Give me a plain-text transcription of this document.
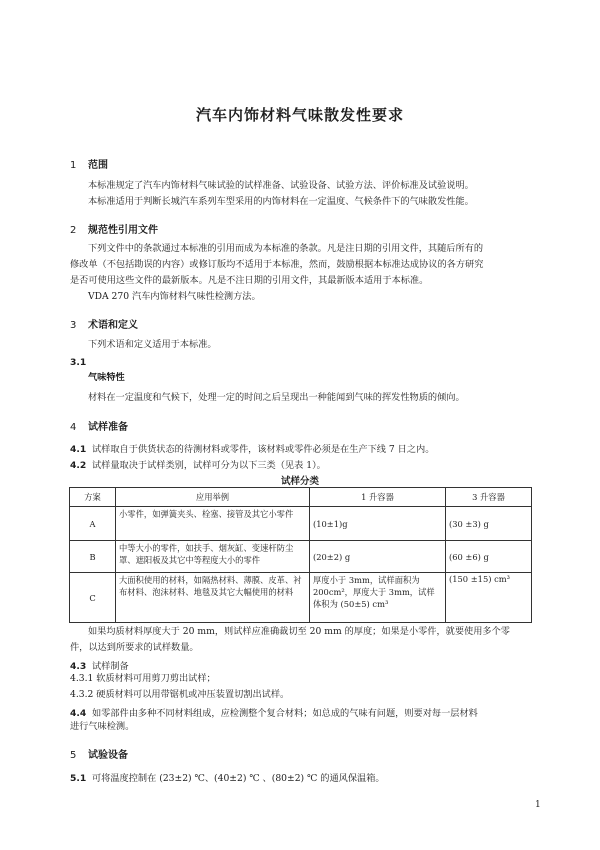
汽车内饰材料气味散发性要求
1 范围
本标准规定了汽车内饰材料气味试验的试样准备、试验设备、试验方法、评价标准及试验说明。
本标准适用于判断长城汽车系列车型采用的内饰材料在一定温度、气候条件下的气味散发性能。
2 规范性引用文件
下列文件中的条款通过本标准的引用而成为本标准的条款。凡是注日期的引用文件，其随后所有的
修改单（不包括勘误的内容）或修订版均不适用于本标准，然而，鼓励根据本标准达成协议的各方研究
是否可使用这些文件的最新版本。凡是不注日期的引用文件，其最新版本适用于本标准。
VDA 270 汽车内饰材料气味性检测方法。
3 术语和定义
下列术语和定义适用于本标准。
3.1
气味特性
材料在一定温度和气候下，处理一定的时间之后呈现出一种能闻到气味的挥发性物质的倾向。
4 试样准备
4.1 试样取自于供货状态的待测材料或零件，该材料或零件必须是在生产下线 7 日之内。
4.2 试样量取决于试样类别，试样可分为以下三类（见表 1）。
试样分类
方案	应用举例	1 升容器	3 升容器
A	小零件，如弹簧夹头、栓塞、接管及其它小零件	(10±1)g	(30 ±3) g
B	中等大小的零件，如扶手、烟灰缸、变速杆防尘罩、遮阳板及其它中等程度大小的零件	(20±2) g	(60 ±6) g
C	大面积使用的材料，如隔热材料、薄膜、皮革、衬布材料、泡沫材料、地毯及其它大幅使用的材料	厚度小于 3mm，试样面积为 200cm²，厚度大于 3mm，试样体积为 (50±5) cm³	(150 ±15) cm³
如果均质材料厚度大于 20 mm，则试样应准确裁切至 20 mm 的厚度；如果是小零件，就要使用多个零
件，以达到所要求的试样数量。
4.3 试样制备
4.3.1 软质材料可用剪刀剪出试样；
4.3.2 硬质材料可以用带锯机或冲压装置切割出试样。
4.4 如零部件由多种不同材料组成，应检测整个复合材料；如总成的气味有问题，则要对每一层材料
进行气味检测。
5 试验设备
5.1 可将温度控制在 (23±2) ℃、(40±2) ℃ 、(80±2) ℃ 的通风保温箱。
1
